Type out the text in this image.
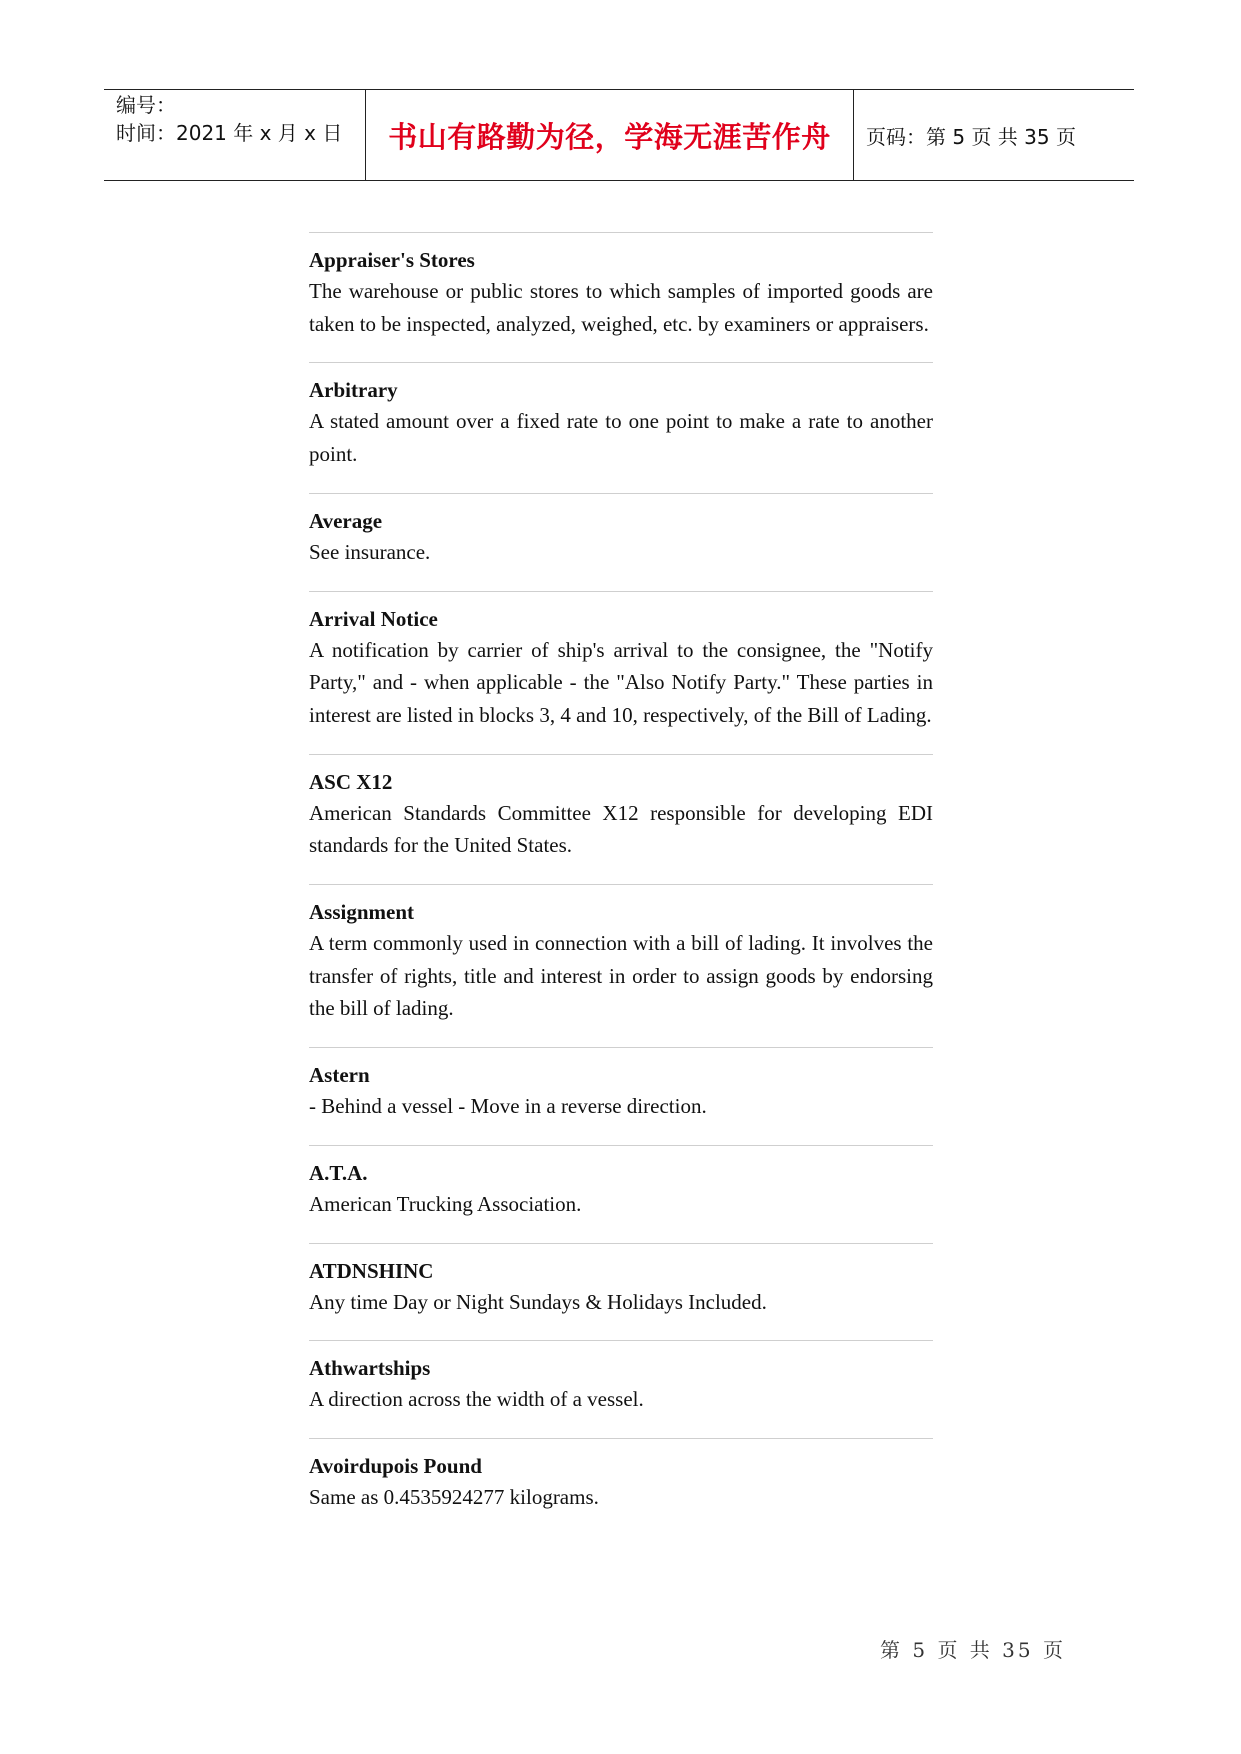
编号：
时间：2021 年 x 月 x 日	书山有路勤为径，学海无涯苦作舟 页码：第 5 页 共 35 页
Appraiser's Stores
The warehouse or public stores to which samples of imported goods are taken to be inspected, analyzed, weighed, etc. by examiners or appraisers.
Arbitrary
A stated amount over a fixed rate to one point to make a rate to another point.
Average
See insurance.
Arrival Notice
A notification by carrier of ship's arrival to the consignee, the "Notify Party," and - when applicable - the "Also Notify Party." These parties in interest are listed in blocks 3, 4 and 10, respectively, of the Bill of Lading.
ASC X12
American Standards Committee X12 responsible for developing EDI standards for the United States.
Assignment
A term commonly used in connection with a bill of lading. It involves the transfer of rights, title and interest in order to assign goods by endorsing the bill of lading.
Astern
- Behind a vessel - Move in a reverse direction.
A.T.A.
American Trucking Association.
ATDNSHINC
Any time Day or Night Sundays & Holidays Included.
Athwartships
A direction across the width of a vessel.
Avoirdupois Pound
Same as 0.4535924277 kilograms.
第 5 页 共 35 页
